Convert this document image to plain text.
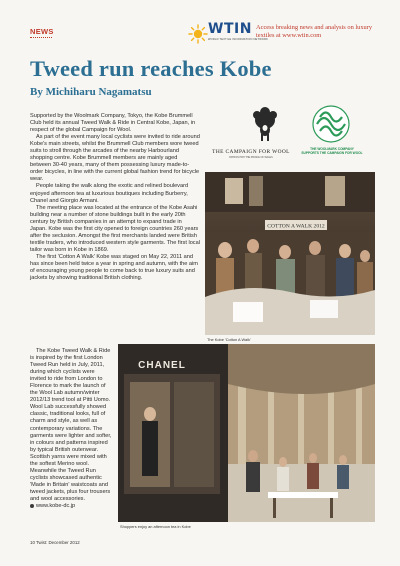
NEWS	WTIN
WORLD TEXTILE INFORMATION NETWORK
Access breaking news and analysis on luxury textiles at www.wtin.com
Tweed run reaches Kobe
By Michiharu Nagamatsu

Supported by the Woolmark Company, Tokyo, the Kobe Brummell Club held its annual Tweed Walk & Ride in Central Kobe, Japan, in respect of the global Campaign for Wool.

As part of the event many local cyclists were invited to ride around Kobe's main streets, whilst the Brummell Club members wore tweed suits to stroll through the arcades of the nearby Harbourland shopping centre. Kobe Brummell members are mainly aged between 30-40 years, many of them possessing luxury made-to-order bicycles, in line with the current global fashion trend for bicycle wear.

People taking the walk along the exotic and relined boulevard enjoyed afternoon tea at luxurious boutiques including Burberry, Chanel and Giorgio Armani.

The meeting place was located at the entrance of the Kobe Asahi building near a number of stone buildings built in the early 20th century by British companies in an attempt to expand trade in Japan. Kobe was the first city opened to foreign countries 260 years after the seclusion. Amongst the first merchants landed were British textile traders, who introduced western style garments. The first local tailor was born in Kobe in 1869.

The first 'Cotton A Walk' Kobe was staged on May 22, 2011 and has since been held twice a year in spring and autumn, with the aim of encouraging young people to come back to true luxury suits and jackets by showing traditional British clothing.

The Kobe Tweed Walk & Ride is inspired by the first London Tweed Run held in July, 2011, during which cyclists were invited to ride from London to Florence to mark the launch of the Wool Lab autumn/winter 2012/13 trend tool at Pitti Uomo. Wool Lab successfully showed classic, traditional looks, full of charm and style, as well as contemporary variations. The garments were lighter and softer, in colours and patterns inspired by typical British outerwear. Scottish yarns were mixed with the softest Merino wool. Meanwhile the Tweed Run cyclists showcased authentic 'Made in Britain' waistcoats and tweed jackets, plus four trousers and wool accessories.

www.kobe-dc.jp
THE CAMPAIGN FOR WOOL
PATRON HRH THE PRINCE OF WALES
THE WOOLMARK COMPANY
SUPPORTS THE CAMPAIGN FOR WOOL
COTTON A WALK 2012
The Kobe 'Cotton A Walk'
CHANEL
Shoppers enjoy an afternoon tea in Kobe
10 Twist: December 2012
